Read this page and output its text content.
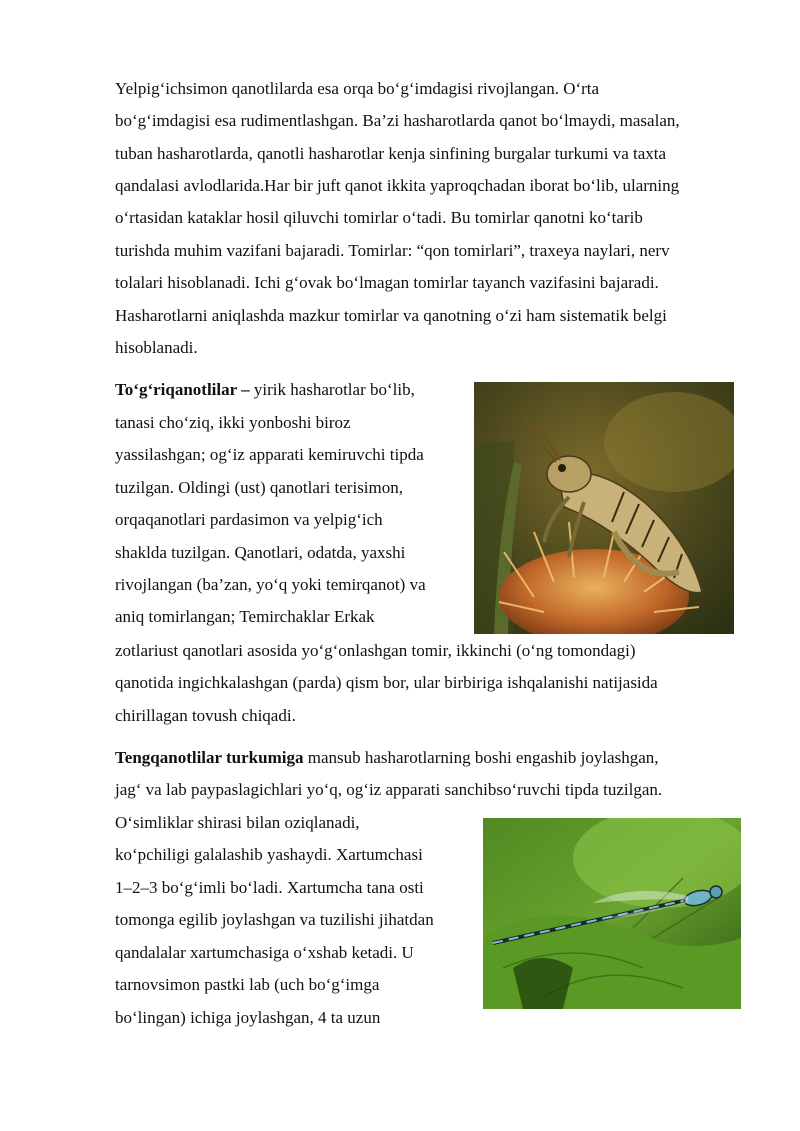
Yelpig‘ichsimon qanotlilarda esa orqa bo‘g‘imdagisi rivojlangan. O‘rta
bo‘g‘imdagisi esa rudimentlashgan. Ba’zi hasharotlarda qanot bo‘lmaydi, masalan,
tuban hasharotlarda, qanotli hasharotlar kenja sinfining burgalar turkumi va taxta
qandalasi avlodlarida.Har bir juft qanot ikkita yaproqchadan iborat bo‘lib, ularning
o‘rtasidan kataklar hosil qiluvchi tomirlar o‘tadi. Bu tomirlar qanotni ko‘tarib
turishda muhim vazifani bajaradi. Tomirlar: “qon tomirlari”, traxeya naylari, nerv
tolalari hisoblanadi. Ichi g‘ovak bo‘lmagan tomirlar tayanch vazifasini bajaradi.
Hasharotlarni aniqlashda mazkur tomirlar va qanotning o‘zi ham sistematik belgi
hisoblanadi.
To‘g‘riqanotlilar – yirik hasharotlar bo‘lib,
tanasi cho‘ziq, ikki yonboshi biroz
yassilashgan; og‘iz apparati kemiruvchi tipda
tuzilgan. Oldingi (ust) qanotlari terisimon,
orqaqanotlari pardasimon va yelpig‘ich
shaklda tuzilgan. Qanotlari, odatda, yaxshi
rivojlangan (ba’zan, yo‘q yoki temirqanot) va
aniq tomirlangan; Temirchaklar Erkak
zotlariust qanotlari asosida yo‘g‘onlashgan tomir, ikkinchi (o‘ng tomondagi)
qanotida ingichkalashgan (parda) qism bor, ular birbiriga ishqalanishi natijasida
chirillagan tovush chiqadi.
Tengqanotlilar turkumiga mansub hasharotlarning boshi engashib joylashgan,
jag‘ va lab paypaslagichlari yo‘q, og‘iz apparati sanchibso‘ruvchi tipda tuzilgan.
O‘simliklar shirasi bilan oziqlanadi,
ko‘pchiligi galalashib yashaydi. Xartumchasi
1–2–3 bo‘g‘imli bo‘ladi. Xartumcha tana osti
tomonga egilib joylashgan va tuzilishi jihatdan
qandalalar xartumchasiga o‘xshab ketadi. U
tarnovsimon pastki lab (uch bo‘g‘imga
bo‘lingan) ichiga joylashgan, 4 ta uzun
